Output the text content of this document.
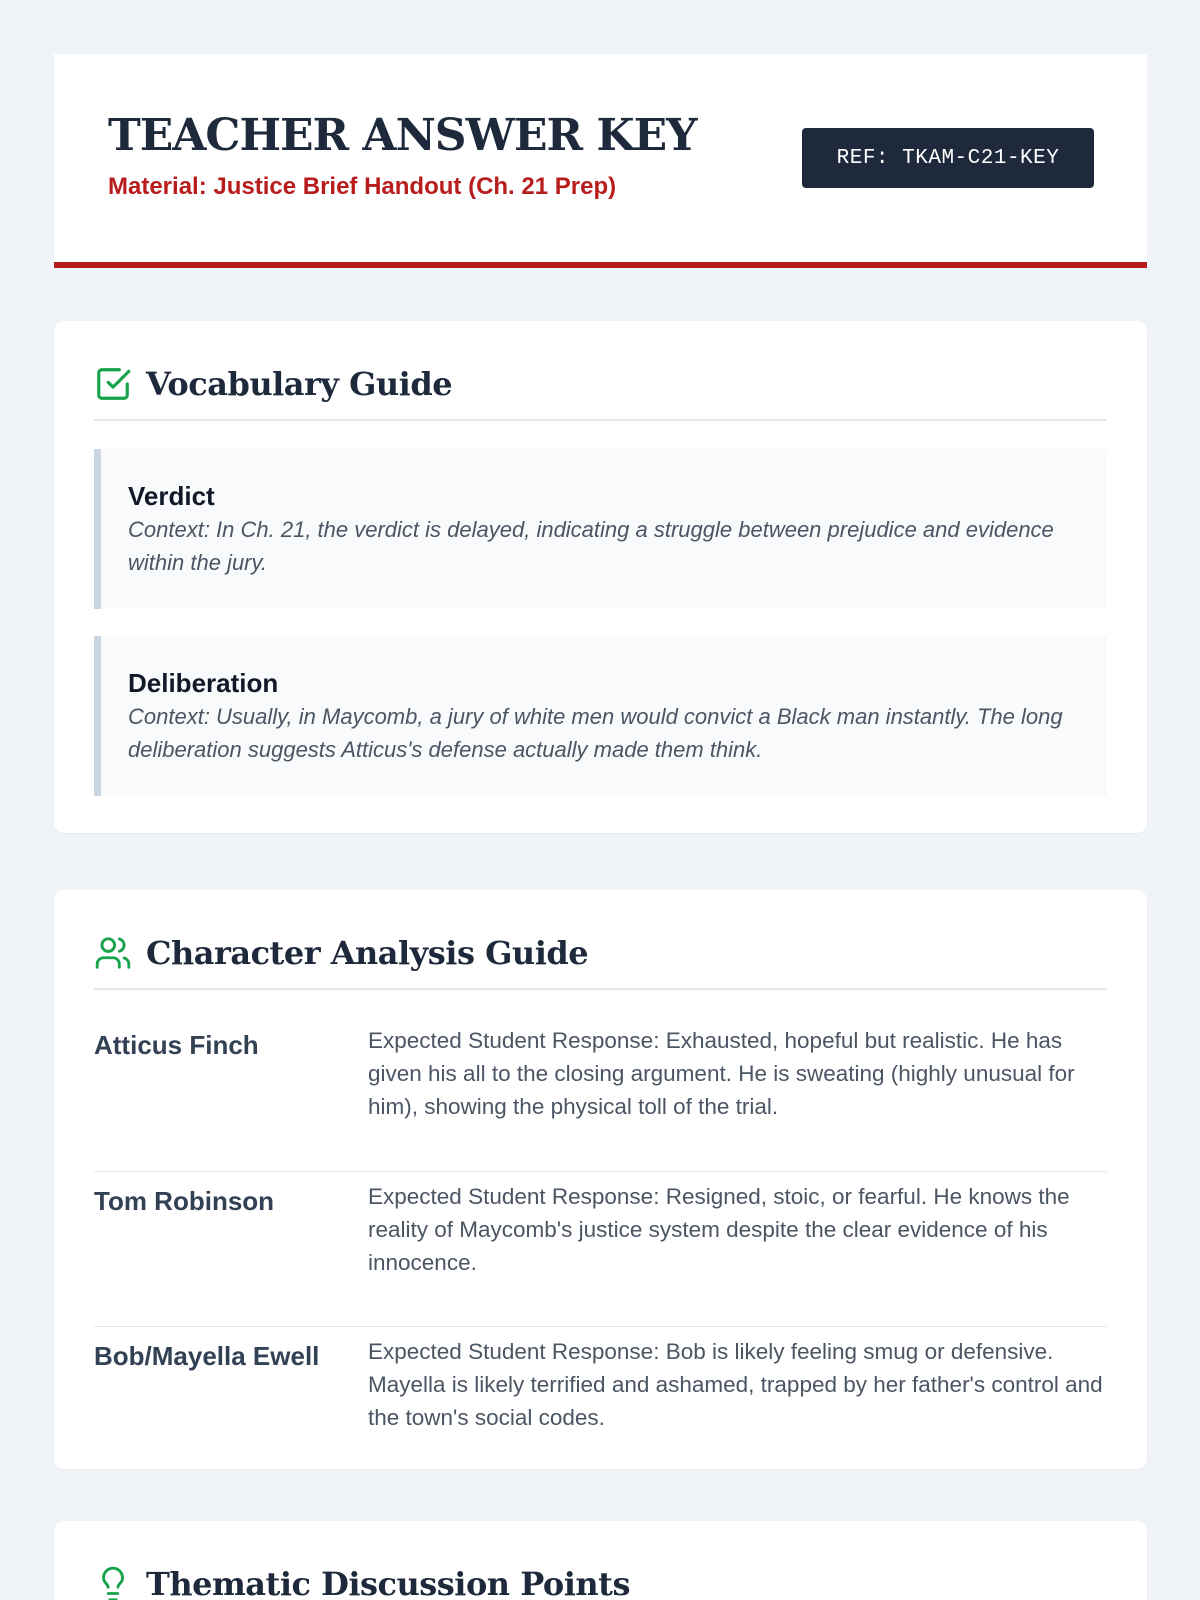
TEACHER ANSWER KEY
Material: Justice Brief Handout (Ch. 21 Prep)
REF: TKAM-C21-KEY
Vocabulary Guide
Verdict
Context: In Ch. 21, the verdict is delayed, indicating a struggle between prejudice and evidence within the jury.
Deliberation
Context: Usually, in Maycomb, a jury of white men would convict a Black man instantly. The long deliberation suggests Atticus's defense actually made them think.
Character Analysis Guide
Atticus Finch	Expected Student Response: Exhausted, hopeful but realistic. He has given his all to the closing argument. He is sweating (highly unusual for him), showing the physical toll of the trial.
Tom Robinson	Expected Student Response: Resigned, stoic, or fearful. He knows the reality of Maycomb's justice system despite the clear evidence of his innocence.
Bob/Mayella Ewell	Expected Student Response: Bob is likely feeling smug or defensive. Mayella is likely terrified and ashamed, trapped by her father's control and the town's social codes.
Thematic Discussion Points
